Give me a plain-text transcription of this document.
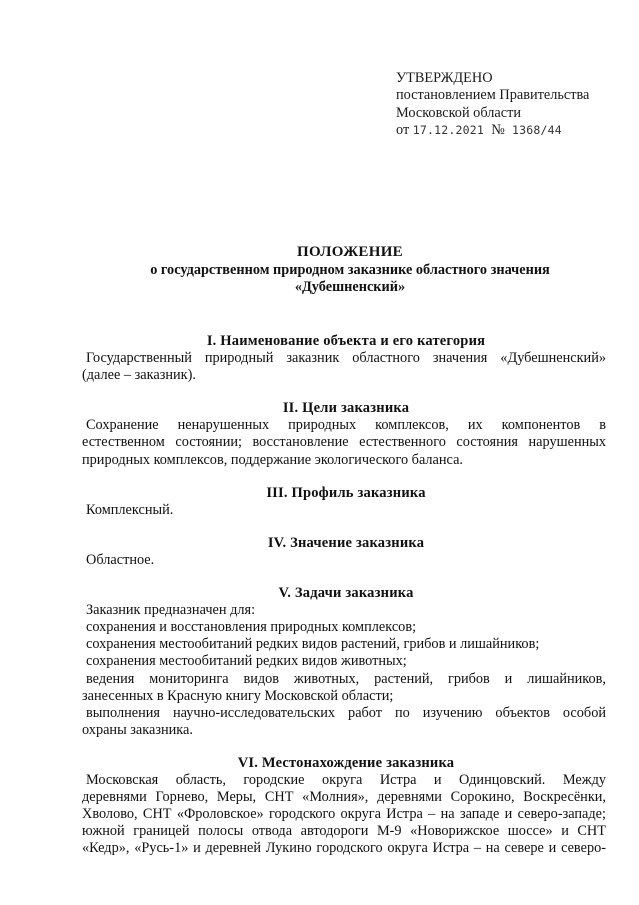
УТВЕРЖДЕНО
постановлением Правительства
Московской области
от 17.12.2021 № 1368/44
ПОЛОЖЕНИЕ
о государственном природном заказнике областного значения
«Дубешненский»

I. Наименование объекта и его категория

Государственный природный заказник областного значения «Дубешненский»

(далее – заказник).

II. Цели заказника

Сохранение ненарушенных природных комплексов, их компонентов в
естественном состоянии; восстановление естественного состояния нарушенных
природных комплексов, поддержание экологического баланса.

III. Профиль заказника

Комплексный.

IV. Значение заказника

Областное.

V. Задачи заказника

Заказник предназначен для:
сохранения и восстановления природных комплексов;
сохранения местообитаний редких видов растений, грибов и лишайников;
сохранения местообитаний редких видов животных;
ведения мониторинга видов животных, растений, грибов и лишайников,
занесенных в Красную книгу Московской области;
выполнения научно-исследовательских работ по изучению объектов особой
охраны заказника.

VI. Местонахождение заказника

Московская область, городские округа Истра и Одинцовский. Между
деревнями Горнево, Меры, СНТ «Молния», деревнями Сорокино, Воскресёнки,
Хволово, СНТ «Фроловское» городского округа Истра – на западе и северо-западе;
южной границей полосы отвода автодороги М-9 «Новорижское шоссе» и СНТ
«Кедр», «Русь-1» и деревней Лукино городского округа Истра – на севере и северо-
